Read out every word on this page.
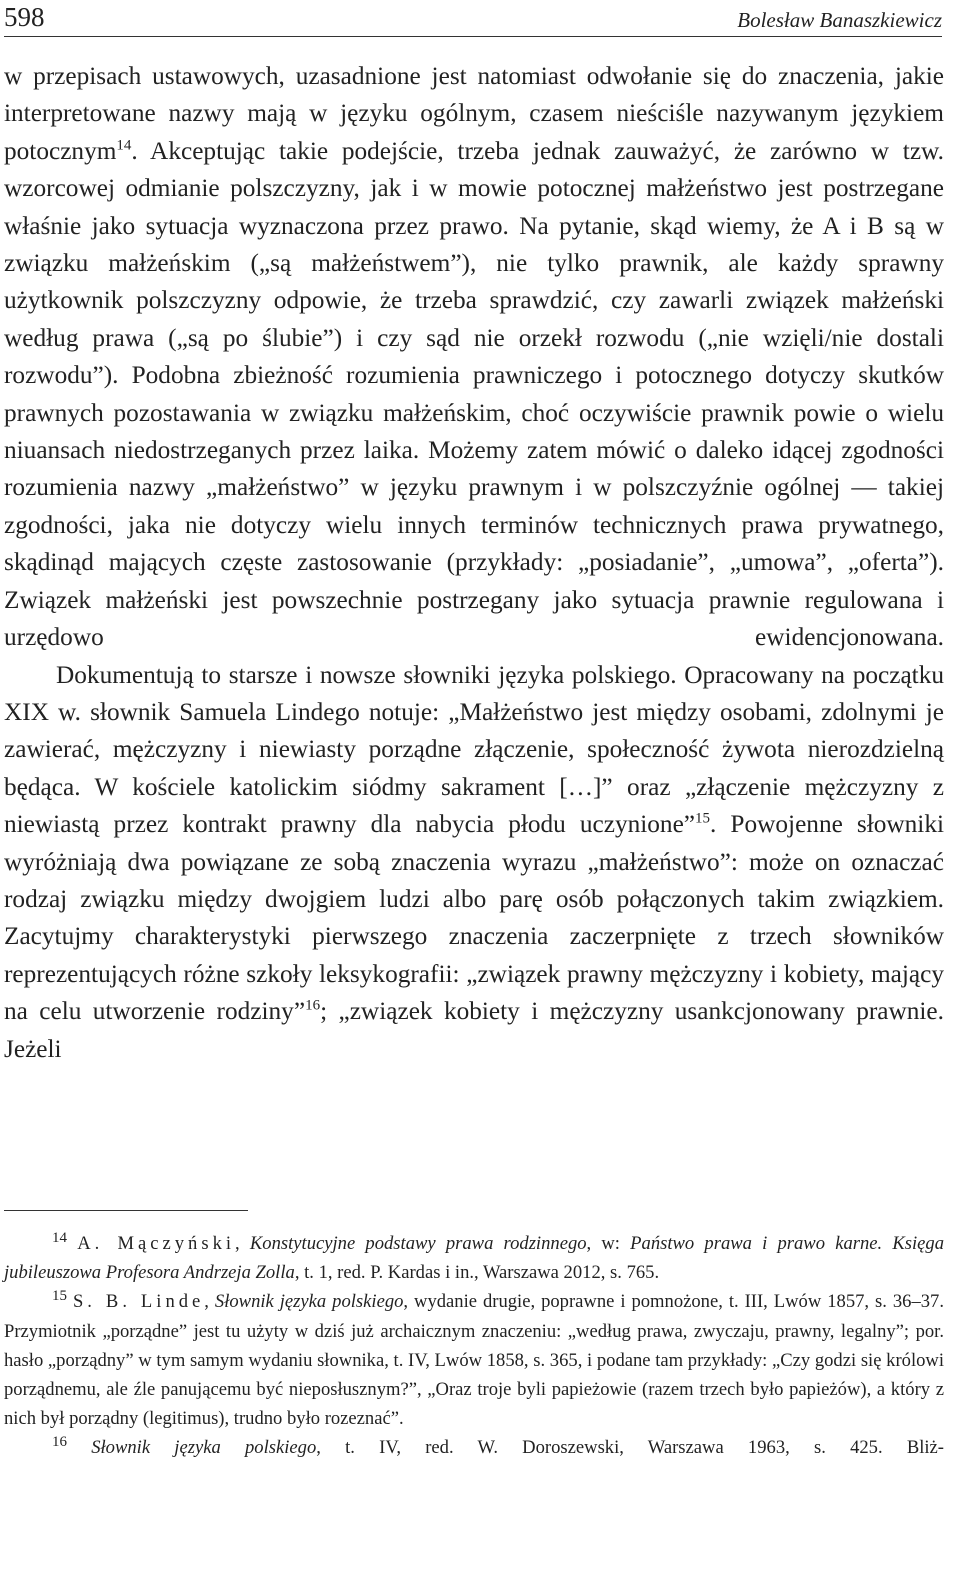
598	Bolesław Banaszkiewicz

w przepisach ustawowych, uzasadnione jest natomiast odwołanie się do znaczenia, jakie interpretowane nazwy mają w języku ogólnym, czasem nieściśle nazywanym językiem potocznym$^{14}$. Akceptując takie podejście, trzeba jednak zauważyć, że zarówno w tzw. wzorcowej odmianie polszczyzny, jak i w mowie potocznej małżeństwo jest postrzegane właśnie jako sytuacja wyznaczona przez prawo. Na pytanie, skąd wiemy, że A i B są w związku małżeńskim („są małżeństwem”), nie tylko prawnik, ale każdy sprawny użytkownik polszczyzny odpowie, że trzeba sprawdzić, czy zawarli związek małżeński według prawa („są po ślubie”) i czy sąd nie orzekł rozwodu („nie wzięli/nie dostali rozwodu”). Podobna zbieżność rozumienia prawniczego i potocznego dotyczy skutków prawnych pozostawania w związku małżeńskim, choć oczywiście prawnik powie o wielu niuansach niedostrzeganych przez laika. Możemy zatem mówić o daleko idącej zgodności rozumienia nazwy „małżeństwo” w języku prawnym i w polszczyźnie ogólnej — takiej zgodności, jaka nie dotyczy wielu innych terminów technicznych prawa prywatnego, skądinąd mających częste zastosowanie (przykłady: „posiadanie”, „umowa”, „oferta”). Związek małżeński jest powszechnie postrzegany jako sytuacja prawnie regulowana i urzędowo ewidencjonowana.

Dokumentują to starsze i nowsze słowniki języka polskiego. Opracowany na początku XIX w. słownik Samuela Lindego notuje: „Małżeństwo jest między osobami, zdolnymi je zawierać, mężczyzny i niewiasty porządne złączenie, społeczność żywota nierozdzielną będąca. W kościele katolickim siódmy sakrament […]” oraz „złączenie mężczyzny z niewiastą przez kontrakt prawny dla nabycia płodu uczynione”$^{15}$. Powojenne słowniki wyróżniają dwa powiązane ze sobą znaczenia wyrazu „małżeństwo”: może on oznaczać rodzaj związku między dwojgiem ludzi albo parę osób połączonych takim związkiem. Zacytujmy charakterystyki pierwszego znaczenia zaczerpnięte z trzech słowników reprezentujących różne szkoły leksykografii: „związek prawny mężczyzny i kobiety, mający na celu utworzenie rodziny”$^{16}$; „związek kobiety i mężczyzny usankcjonowany prawnie. Jeżeli

$^{14}$ A. Mączyński, Konstytucyjne podstawy prawa rodzinnego, w: Państwo prawa i prawo karne. Księga jubileuszowa Profesora Andrzeja Zolla, t. 1, red. P. Kardas i in., Warszawa 2012, s. 765.

$^{15}$ S. B. Linde, Słownik języka polskiego, wydanie drugie, poprawne i pomnożone, t. III, Lwów 1857, s. 36–37. Przymiotnik „porządne” jest tu użyty w dziś już archaicznym znaczeniu: „według prawa, zwyczaju, prawny, legalny”; por. hasło „porządny” w tym samym wydaniu słownika, t. IV, Lwów 1858, s. 365, i podane tam przykłady: „Czy godzi się królowi porządnemu, ale źle panującemu być nieposłusznym?”, „Oraz troje byli papieżowie (razem trzech było papieżów), a który z nich był porządny (legitimus), trudno było rozeznać”.

$^{16}$ Słownik języka polskiego, t. IV, red. W. Doroszewski, Warszawa 1963, s. 425. Bliż-
